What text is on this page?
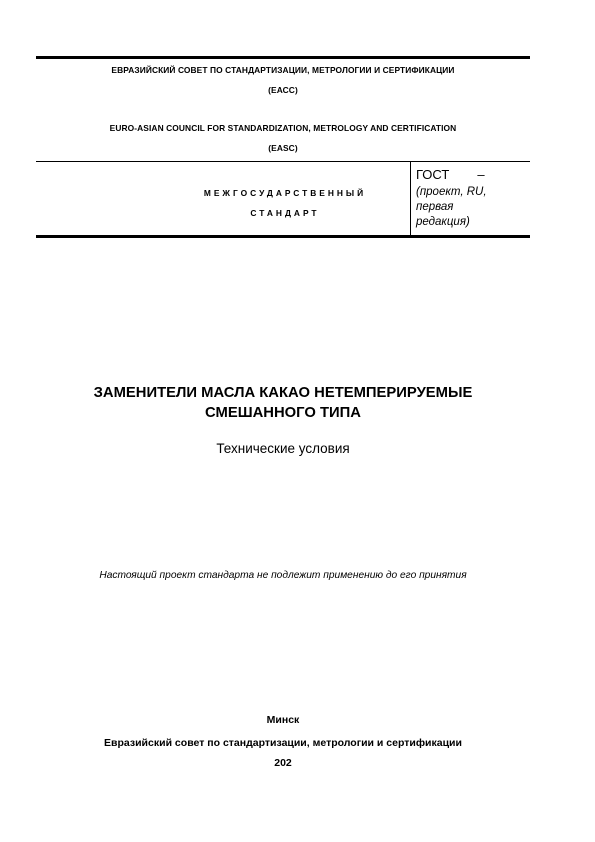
ЕВРАЗИЙСКИЙ СОВЕТ ПО СТАНДАРТИЗАЦИИ, МЕТРОЛОГИИ И СЕРТИФИКАЦИИ
(ЕАСС)
EURO-ASIAN COUNCIL FOR STANDARDIZATION, METROLOGY AND CERTIFICATION
(EASC)
МЕЖГОСУДАРСТВЕННЫЙ
СТАНДАРТ
ГОСТ –
(проект, RU,
первая
редакция)
ЗАМЕНИТЕЛИ МАСЛА КАКАО НЕТЕМПЕРИРУЕМЫЕ
СМЕШАННОГО ТИПА
Технические условия
Настоящий проект стандарта не подлежит применению до его принятия
Минск
Евразийский совет по стандартизации, метрологии и сертификации
202
